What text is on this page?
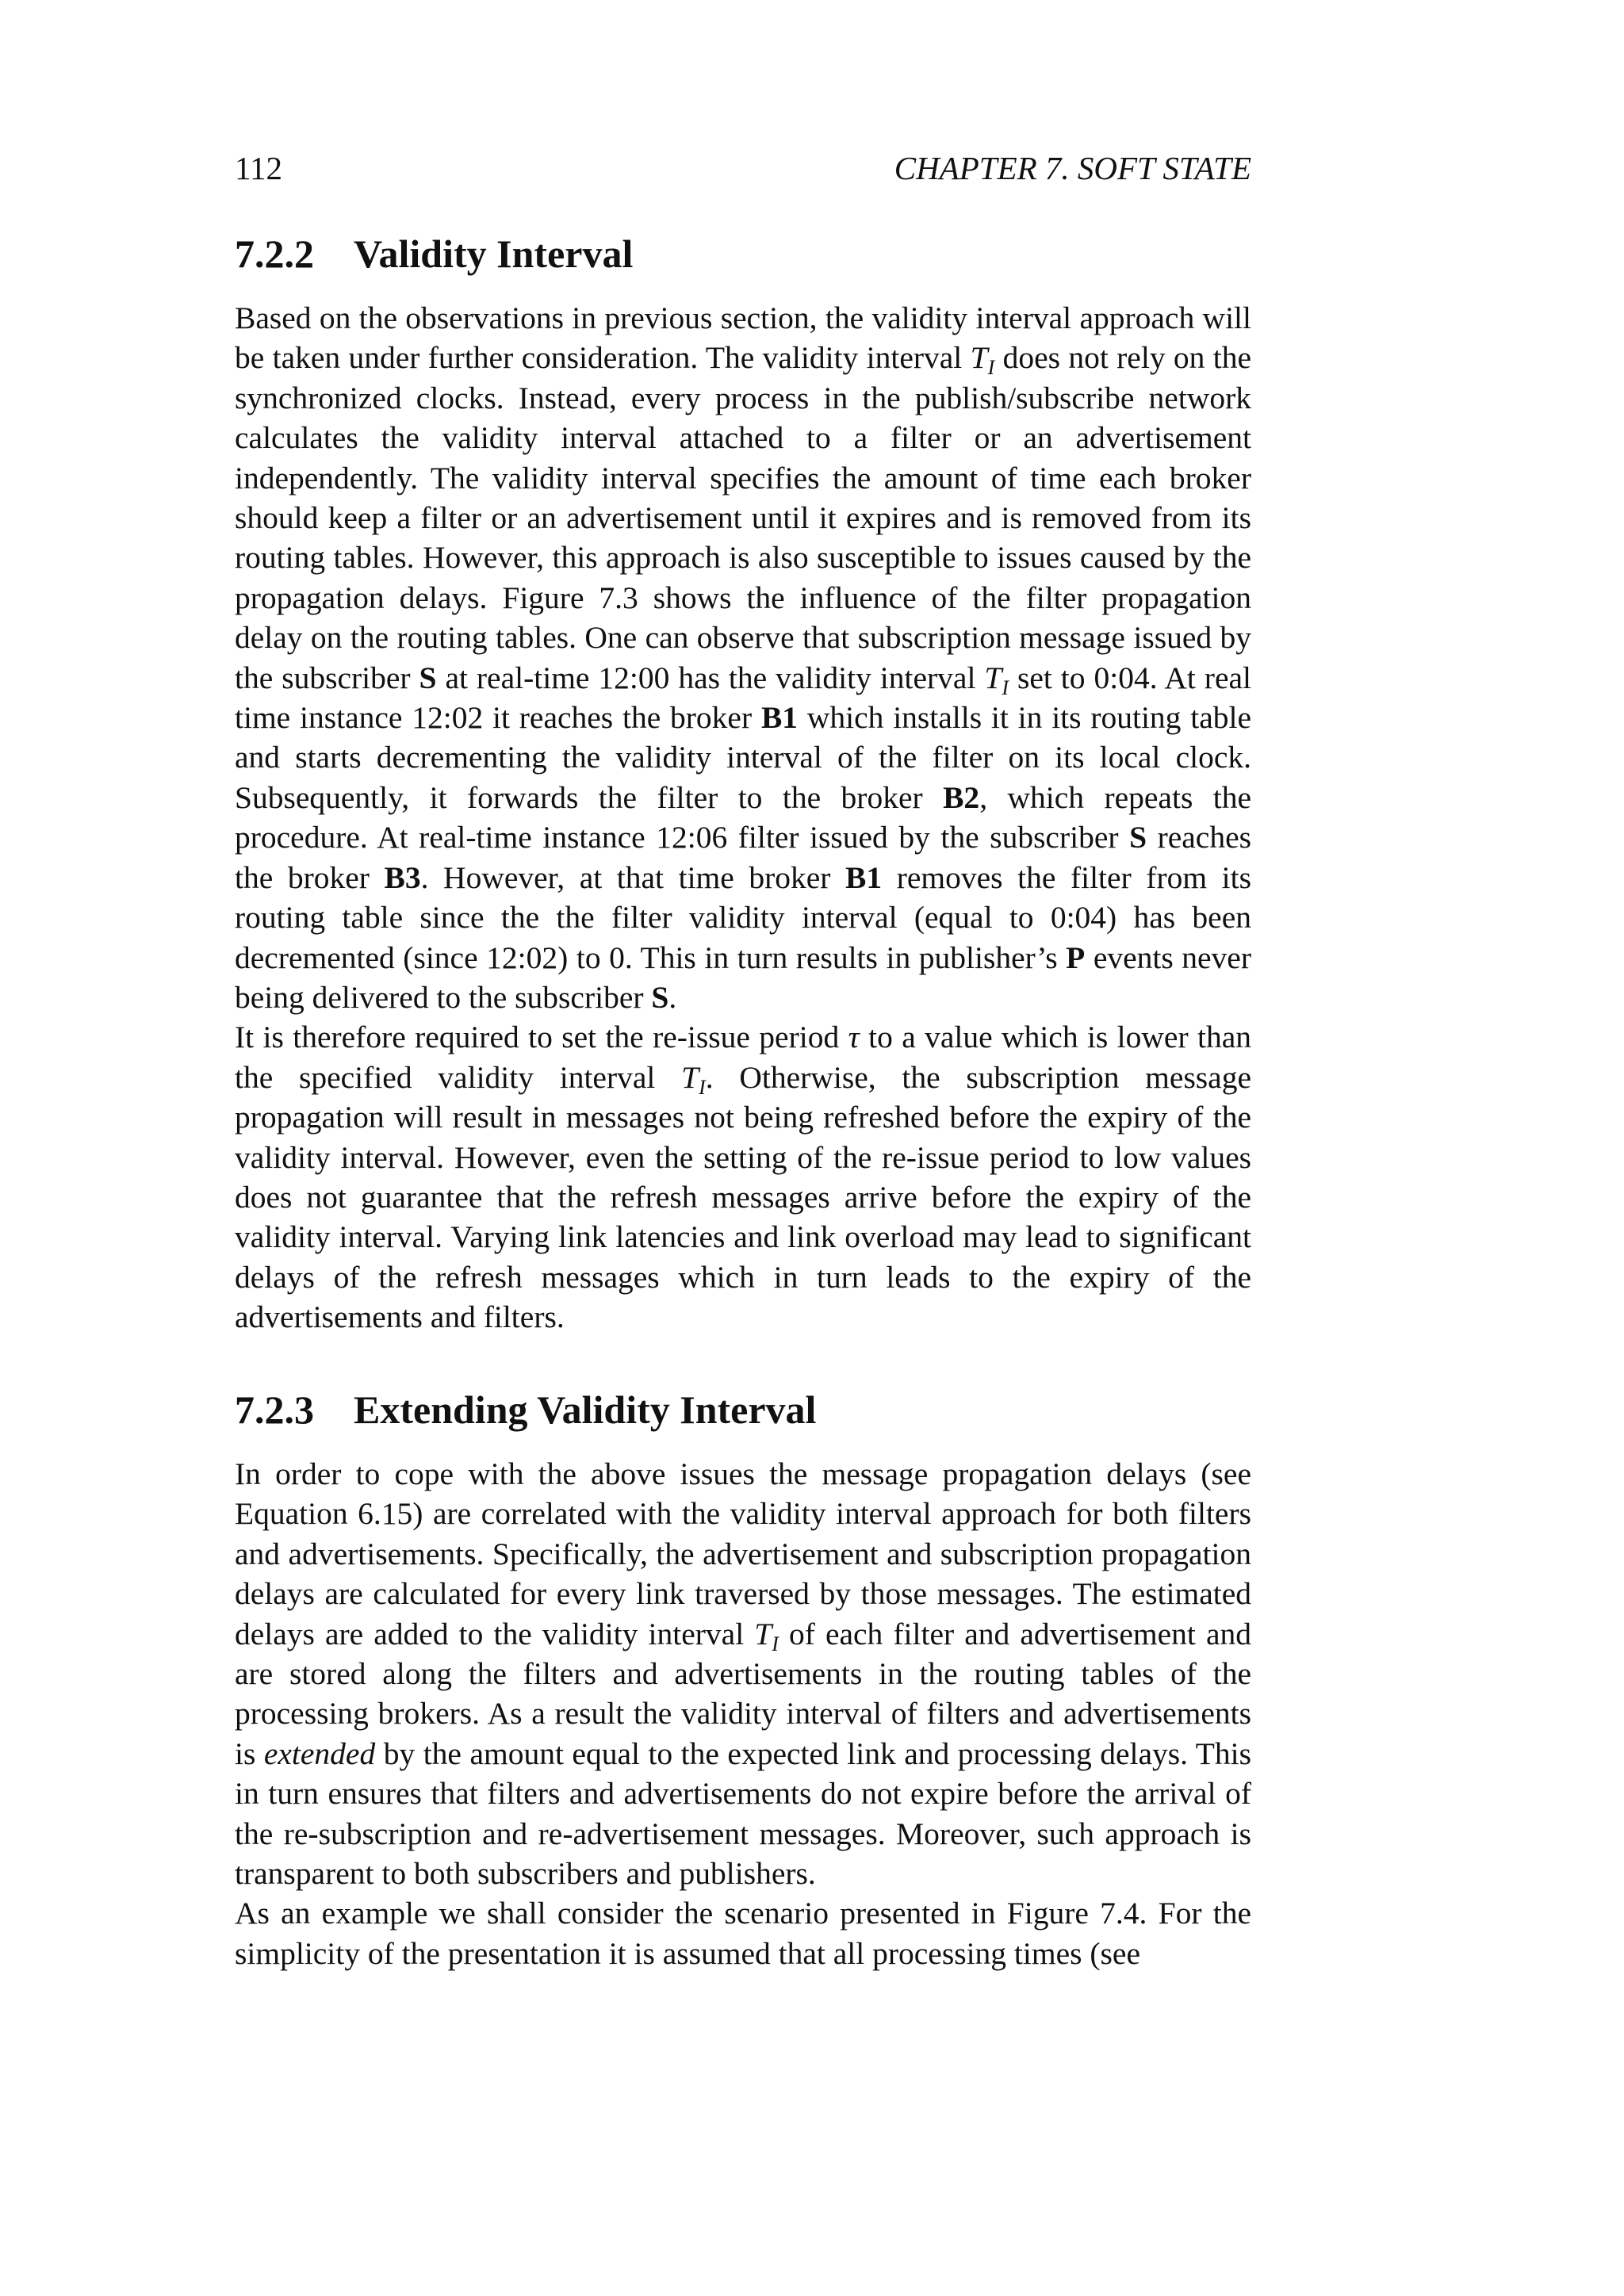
112	CHAPTER 7. SOFT STATE
7.2.2 Validity Interval

Based on the observations in previous section, the validity interval approach will be taken under further consideration. The validity interval $T_I$ does not rely on the synchronized clocks. Instead, every process in the publish/subscribe network calculates the validity interval attached to a filter or an advertisement independently. The validity interval specifies the amount of time each broker should keep a filter or an advertisement until it expires and is removed from its routing tables. However, this approach is also susceptible to issues caused by the propagation delays. Figure 7.3 shows the influence of the filter propagation delay on the routing tables. One can observe that subscription message issued by the subscriber S at real-time 12:00 has the validity interval $T_I$ set to 0:04. At real time instance 12:02 it reaches the broker B1 which installs it in its routing table and starts decrementing the validity interval of the filter on its local clock. Subsequently, it forwards the filter to the broker B2, which repeats the procedure. At real-time instance 12:06 filter issued by the subscriber S reaches the broker B3. However, at that time broker B1 removes the filter from its routing table since the the filter validity interval (equal to 0:04) has been decremented (since 12:02) to 0. This in turn results in publisher’s P events never being delivered to the subscriber S.

It is therefore required to set the re-issue period τ to a value which is lower than the specified validity interval $T_I$. Otherwise, the subscription message propagation will result in messages not being refreshed before the expiry of the validity interval. However, even the setting of the re-issue period to low values does not guarantee that the refresh messages arrive before the expiry of the validity interval. Varying link latencies and link overload may lead to significant delays of the refresh messages which in turn leads to the expiry of the advertisements and filters.

7.2.3 Extending Validity Interval

In order to cope with the above issues the message propagation delays (see Equation 6.15) are correlated with the validity interval approach for both filters and advertisements. Specifically, the advertisement and subscription propagation delays are calculated for every link traversed by those messages. The estimated delays are added to the validity interval $T_I$ of each filter and advertisement and are stored along the filters and advertisements in the routing tables of the processing brokers. As a result the validity interval of filters and advertisements is extended by the amount equal to the expected link and processing delays. This in turn ensures that filters and advertisements do not expire before the arrival of the re-subscription and re-advertisement messages. Moreover, such approach is transparent to both subscribers and publishers.

As an example we shall consider the scenario presented in Figure 7.4. For the simplicity of the presentation it is assumed that all processing times (see
